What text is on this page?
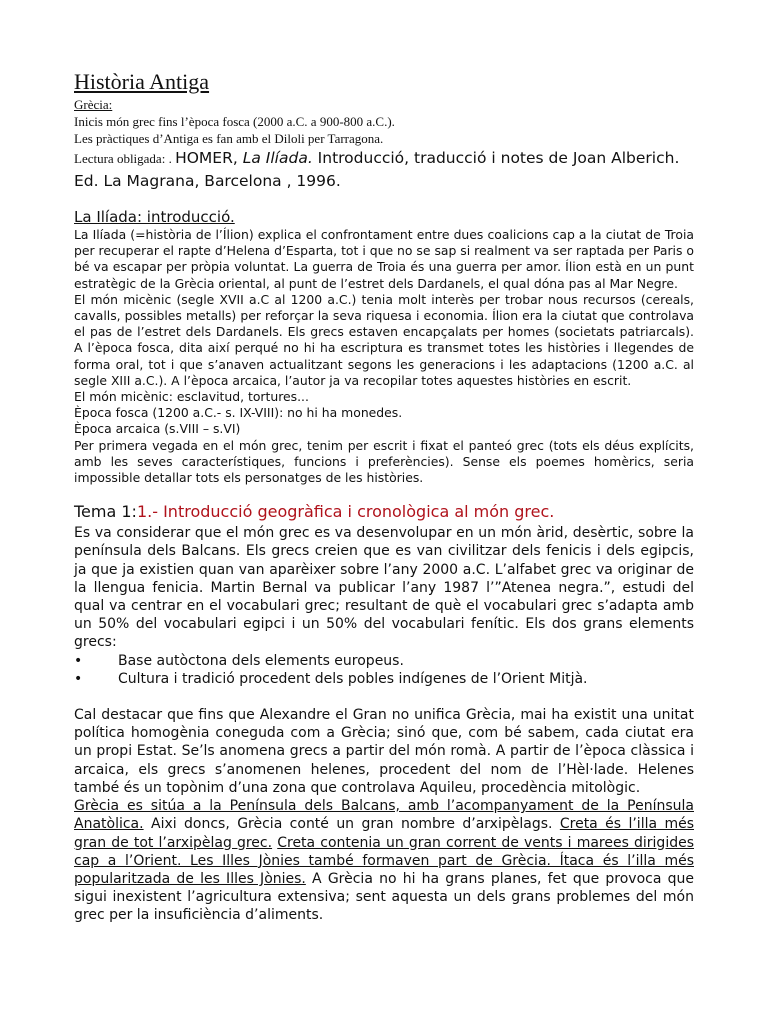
Història Antiga

Grècia:

Inicis món grec fins l’època fosca (2000 a.C. a 900-800 a.C.).

Les pràctiques d’Antiga es fan amb el Diloli per Tarragona.

Lectura obligada: . HOMER, La Ilíada. Introducció, traducció i notes de Joan Alberich. Ed. La Magrana, Barcelona , 1996.

La Ilíada: introducció.

La Ilíada (=història de l’Ílion) explica el confrontament entre dues coalicions cap a la ciutat de Troia per recuperar el rapte d’Helena d’Esparta, tot i que no se sap si realment va ser raptada per Paris o bé va escapar per pròpia voluntat. La guerra de Troia és una guerra per amor. Ílion està en un punt estratègic de la Grècia oriental, al punt de l’estret dels Dardanels, el qual dóna pas al Mar Negre.

El món micènic (segle XVII a.C al 1200 a.C.) tenia molt interès per trobar nous recursos (cereals, cavalls, possibles metalls) per reforçar la seva riquesa i economia. Ílion era la ciutat que controlava el pas de l’estret dels Dardanels. Els grecs estaven encapçalats per homes (societats patriarcals). A l’època fosca, dita així perqué no hi ha escriptura es transmet totes les històries i llegendes de forma oral, tot i que s’anaven actualitzant segons les generacions i les adaptacions (1200 a.C. al segle XIII a.C.). A l’època arcaica, l’autor ja va recopilar totes aquestes històries en escrit.

El món micènic: esclavitud, tortures...

Època fosca (1200 a.C.- s. IX-VIII): no hi ha monedes.

Època arcaica (s.VIII – s.VI)

Per primera vegada en el món grec, tenim per escrit i fixat el panteó grec (tots els déus explícits, amb les seves característiques, funcions i preferències). Sense els poemes homèrics, seria impossible detallar tots els personatges de les històries.

Tema 1:1.- Introducció geogràfica i cronològica al món grec.

Es va considerar que el món grec es va desenvolupar en un món àrid, desèrtic, sobre la península dels Balcans. Els grecs creien que es van civilitzar dels fenicis i dels egipcis, ja que ja existien quan van aparèixer sobre l’any 2000 a.C. L’alfabet grec va originar de la llengua fenicia. Martin Bernal va publicar l’any 1987 l’”Atenea negra.”, estudi del qual va centrar en el vocabulari grec; resultant de què el vocabulari grec s’adapta amb un 50% del vocabulari egipci i un 50% del vocabulari fenític. Els dos grans elements grecs:

•	Base autòctona dels elements europeus.
•	Cultura i tradició procedent dels pobles indígenes de l’Orient Mitjà.

Cal destacar que fins que Alexandre el Gran no unifica Grècia, mai ha existit una unitat política homogènia coneguda com a Grècia; sinó que, com bé sabem, cada ciutat era un propi Estat. Se’ls anomena grecs a partir del món romà. A partir de l’època clàssica i arcaica, els grecs s’anomenen helenes, procedent del nom de l’Hèl·lade. Helenes també és un topònim d’una zona que controlava Aquileu, procedència mitològic.

Grècia es sitúa a la Península dels Balcans, amb l’acompanyament de la Península Anatòlica. Aixi doncs, Grècia conté un gran nombre d’arxipèlags. Creta és l’illa més gran de tot l’arxipèlag grec. Creta contenia un gran corrent de vents i marees dirigides cap a l’Orient. Les Illes Jònies també formaven part de Grècia. Ítaca és l’illa més popularitzada de les Illes Jònies. A Grècia no hi ha grans planes, fet que provoca que sigui inexistent l’agricultura extensiva; sent aquesta un dels grans problemes del món grec per la insuficiència d’aliments.
